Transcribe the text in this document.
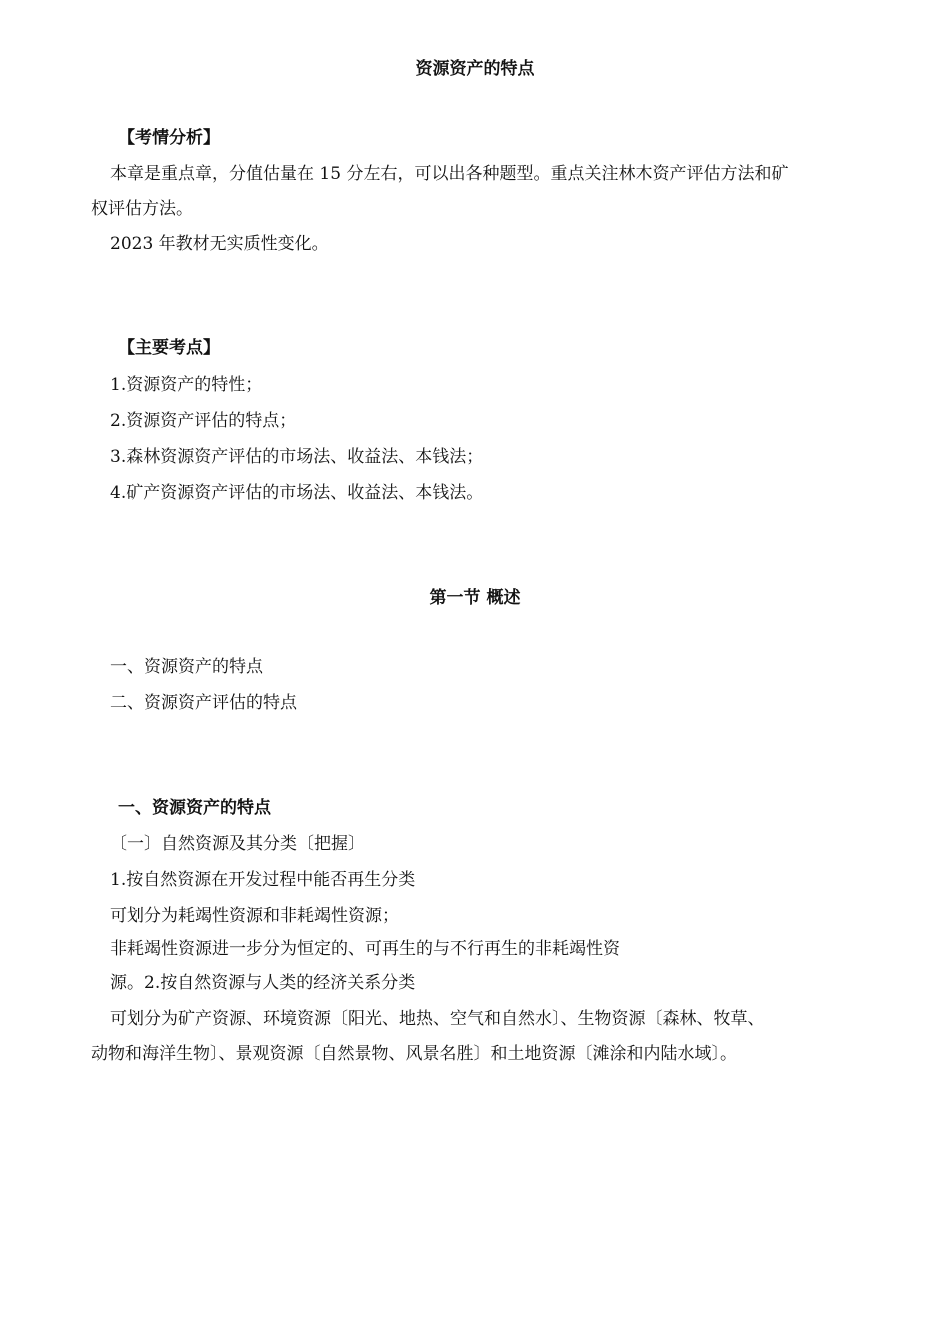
资源资产的特点
【考情分析】
本章是重点章，分值估量在 15 分左右，可以出各种题型。重点关注林木资产评估方法和矿
权评估方法。
2023 年教材无实质性变化。
【主要考点】
1.资源资产的特性；
2.资源资产评估的特点；
3.森林资源资产评估的市场法、收益法、本钱法；
4.矿产资源资产评估的市场法、收益法、本钱法。
第一节 概述
一、资源资产的特点
二、资源资产评估的特点
一、资源资产的特点
〔一〕自然资源及其分类〔把握〕
1.按自然资源在开发过程中能否再生分类
可划分为耗竭性资源和非耗竭性资源；
非耗竭性资源进一步分为恒定的、可再生的与不行再生的非耗竭性资
源。2.按自然资源与人类的经济关系分类
可划分为矿产资源、环境资源〔阳光、地热、空气和自然水〕、生物资源〔森林、牧草、
动物和海洋生物〕、景观资源〔自然景物、风景名胜〕和土地资源〔滩涂和内陆水域〕。
